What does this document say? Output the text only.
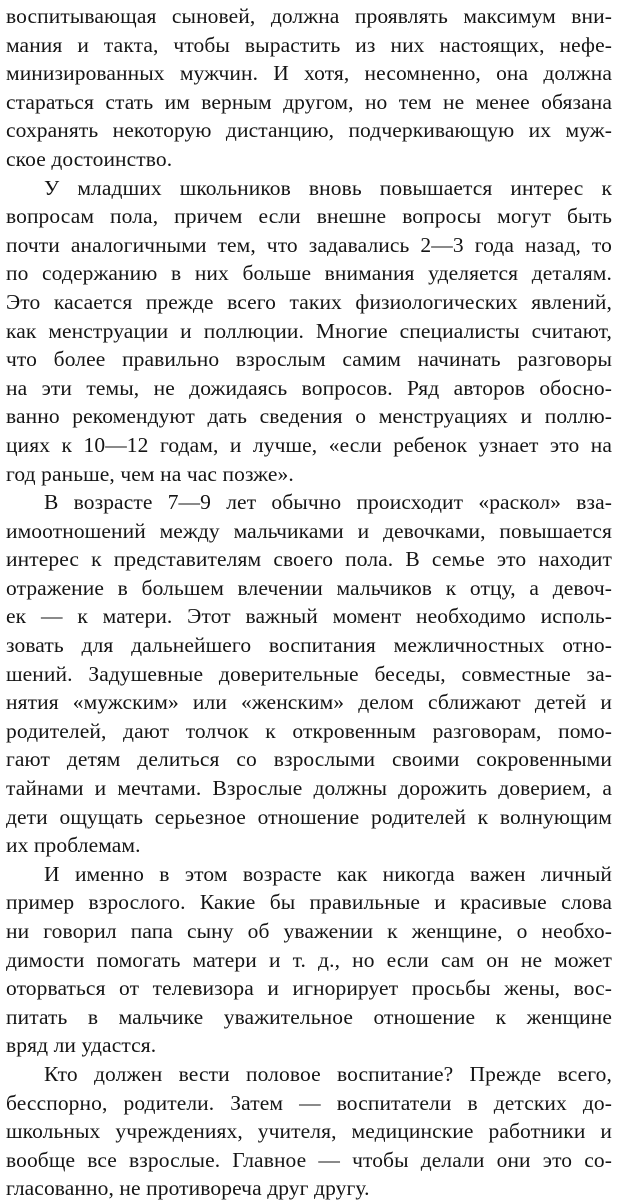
воспитывающая сыновей, должна проявлять максимум вни-
мания и такта, чтобы вырастить из них настоящих, нефе-
минизированных мужчин. И хотя, несомненно, она должна
стараться стать им верным другом, но тем не менее обязана
сохранять некоторую дистанцию, подчеркивающую их муж-
ское достоинство.
У младших школьников вновь повышается интерес к
вопросам пола, причем если внешне вопросы могут быть
почти аналогичными тем, что задавались 2—3 года назад, то
по содержанию в них больше внимания уделяется деталям.
Это касается прежде всего таких физиологических явлений,
как менструации и поллюции. Многие специалисты считают,
что более правильно взрослым самим начинать разговоры
на эти темы, не дожидаясь вопросов. Ряд авторов обосно-
ванно рекомендуют дать сведения о менструациях и поллю-
циях к 10—12 годам, и лучше, «если ребенок узнает это на
год раньше, чем на час позже».
В возрасте 7—9 лет обычно происходит «раскол» вза-
имоотношений между мальчиками и девочками, повышается
интерес к представителям своего пола. В семье это находит
отражение в большем влечении мальчиков к отцу, а девоч-
ек — к матери. Этот важный момент необходимо исполь-
зовать для дальнейшего воспитания межличностных отно-
шений. Задушевные доверительные беседы, совместные за-
нятия «мужским» или «женским» делом сближают детей и
родителей, дают толчок к откровенным разговорам, помо-
гают детям делиться со взрослыми своими сокровенными
тайнами и мечтами. Взрослые должны дорожить доверием, а
дети ощущать серьезное отношение родителей к волнующим
их проблемам.
И именно в этом возрасте как никогда важен личный
пример взрослого. Какие бы правильные и красивые слова
ни говорил папа сыну об уважении к женщине, о необхо-
димости помогать матери и т. д., но если сам он не может
оторваться от телевизора и игнорирует просьбы жены, вос-
питать в мальчике уважительное отношение к женщине
вряд ли удастся.
Кто должен вести половое воспитание? Прежде всего,
бесспорно, родители. Затем — воспитатели в детских до-
школьных учреждениях, учителя, медицинские работники и
вообще все взрослые. Главное — чтобы делали они это со-
гласованно, не противореча друг другу.
